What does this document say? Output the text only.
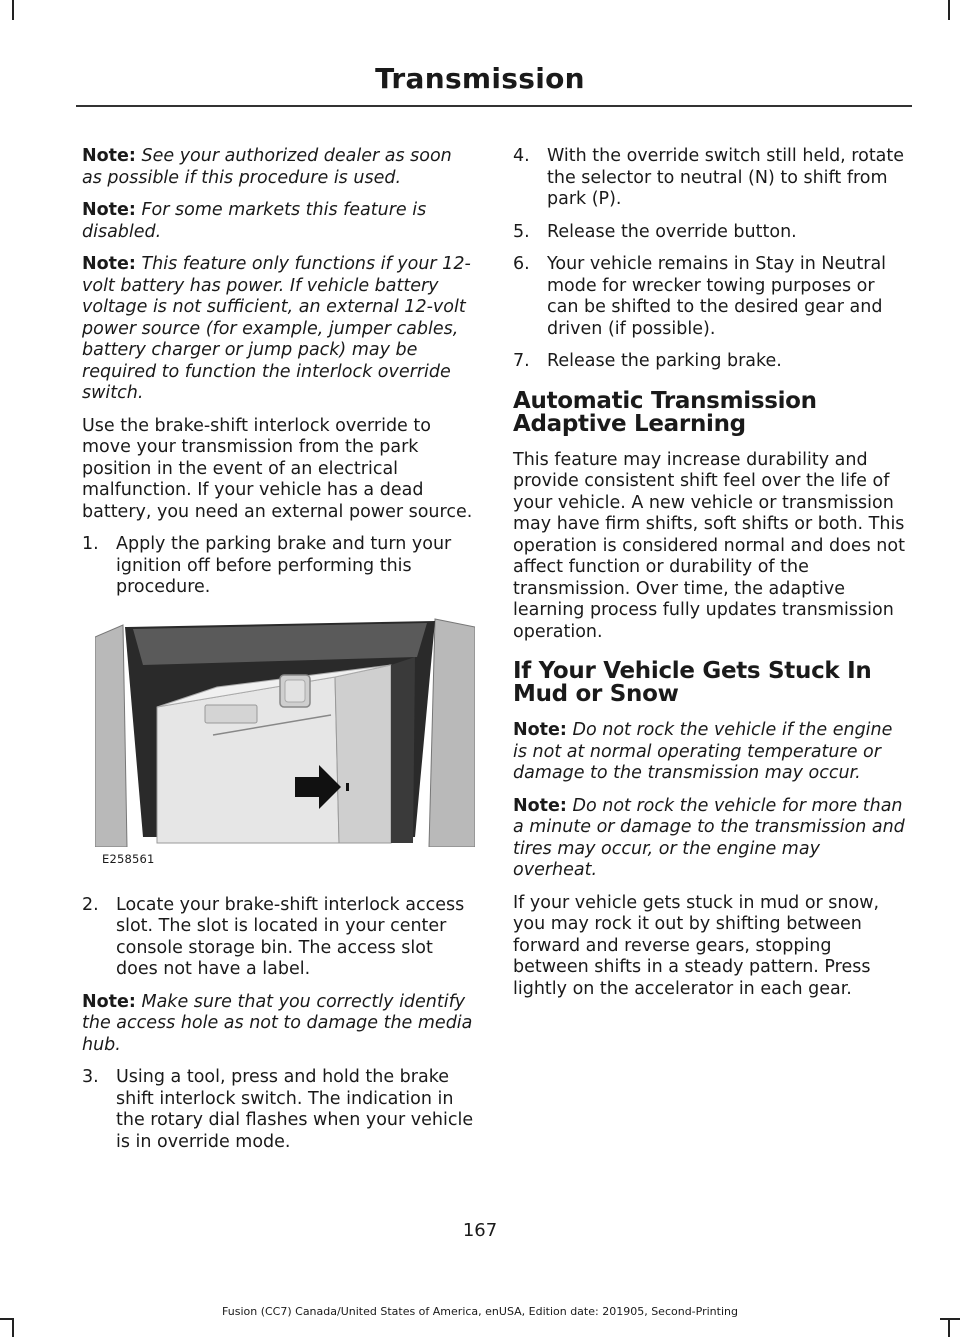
Transmission

Note: See your authorized dealer as soon as possible if this procedure is used.

Note: For some markets this feature is disabled.

Note: This feature only functions if your 12-volt battery has power. If vehicle battery voltage is not sufficient, an external 12-volt power source (for example, jumper cables, battery charger or jump pack) may be required to function the interlock override switch.

Use the brake-shift interlock override to move your transmission from the park position in the event of an electrical malfunction. If your vehicle has a dead battery, you need an external power source.

1. Apply the parking brake and turn your ignition off before performing this procedure.
E258561
2. Locate your brake-shift interlock access slot. The slot is located in your center console storage bin. The access slot does not have a label.

Note: Make sure that you correctly identify the access hole as not to damage the media hub.

3. Using a tool, press and hold the brake shift interlock switch. The indication in the rotary dial flashes when your vehicle is in override mode.
4. With the override switch still held, rotate the selector to neutral (N) to shift from park (P).
5. Release the override button.
6. Your vehicle remains in Stay in Neutral mode for wrecker towing purposes or can be shifted to the desired gear and driven (if possible).
7. Release the parking brake.
Automatic Transmission Adaptive Learning

This feature may increase durability and provide consistent shift feel over the life of your vehicle. A new vehicle or transmission may have firm shifts, soft shifts or both. This operation is considered normal and does not affect function or durability of the transmission. Over time, the adaptive learning process fully updates transmission operation.

If Your Vehicle Gets Stuck In Mud or Snow

Note: Do not rock the vehicle if the engine is not at normal operating temperature or damage to the transmission may occur.

Note: Do not rock the vehicle for more than a minute or damage to the transmission and tires may occur, or the engine may overheat.

If your vehicle gets stuck in mud or snow, you may rock it out by shifting between forward and reverse gears, stopping between shifts in a steady pattern. Press lightly on the accelerator in each gear.

167
Fusion (CC7) Canada/United States of America, enUSA, Edition date: 201905, Second-Printing
